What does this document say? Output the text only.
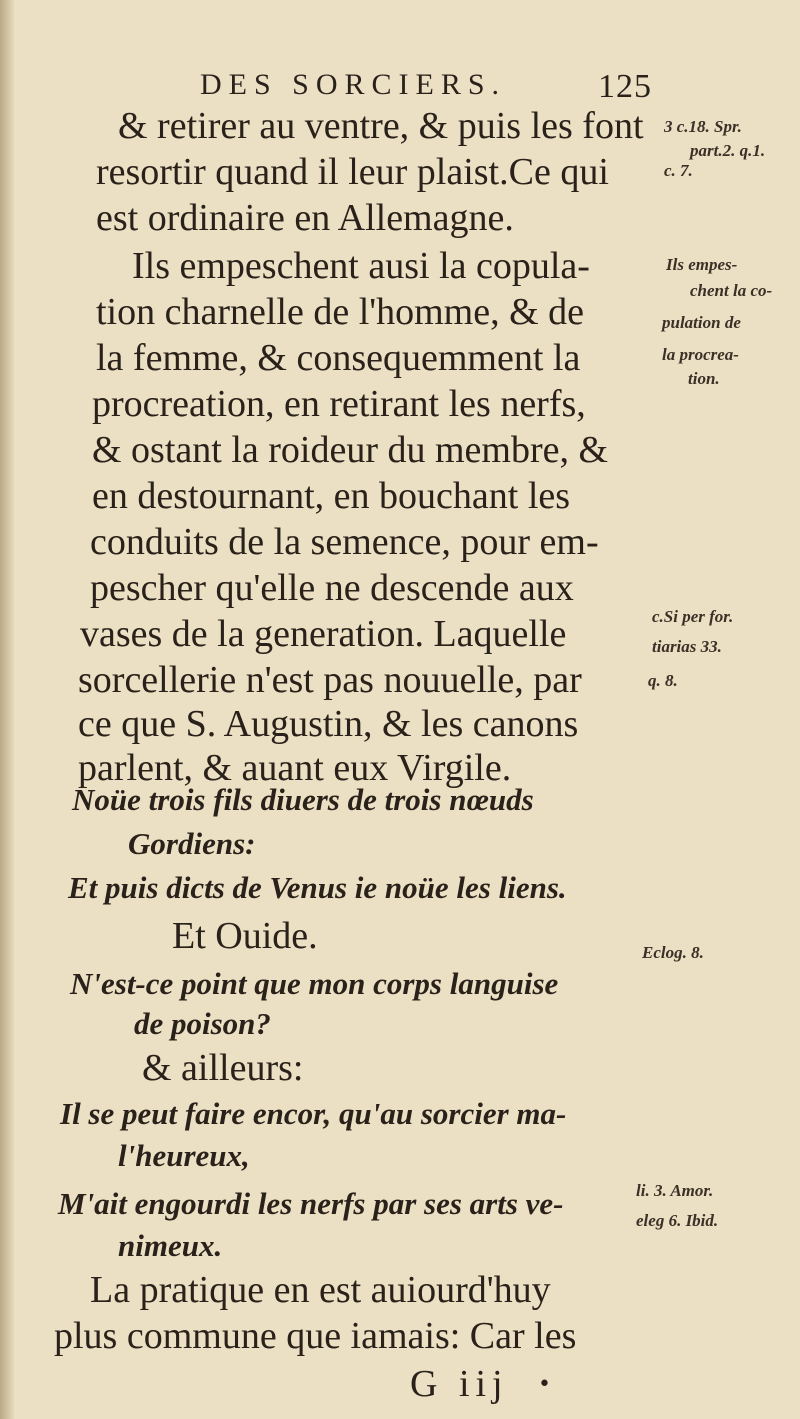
DES SORCIERS.	125
& retirer au ventre, & puis les font
resortir quand il leur plaist.Ce qui
est ordinaire en Allemagne.
Ils empeschent ausi la copula-
tion charnelle de l'homme, & de
la femme, & consequemment la
procreation, en retirant les nerfs,
& ostant la roideur du membre, &
en destournant, en bouchant les
conduits de la semence, pour em-
pescher qu'elle ne descende aux
vases de la generation. Laquelle
sorcellerie n'est pas nouuelle, par
ce que S. Augustin, & les canons
parlent, & auant eux Virgile.
Noüe trois fils diuers de trois nœuds
Gordiens:
Et puis dicts de Venus ie noüe les liens.
Et Ouide.
N'est-ce point que mon corps languise
de poison?
& ailleurs:
Il se peut faire encor, qu'au sorcier ma-
l'heureux,
M'ait engourdi les nerfs par ses arts ve-
nimeux.
La pratique en est auiourd'huy
plus commune que iamais: Car les
G iij •
3 c.18. Spr.
part.2. q.1.
c. 7.
Ils empes-
chent la co-
pulation de
la procrea-
tion.
c.Si per for.
tiarias 33.
q. 8.
Eclog. 8.
li. 3. Amor.
eleg 6. Ibid.
